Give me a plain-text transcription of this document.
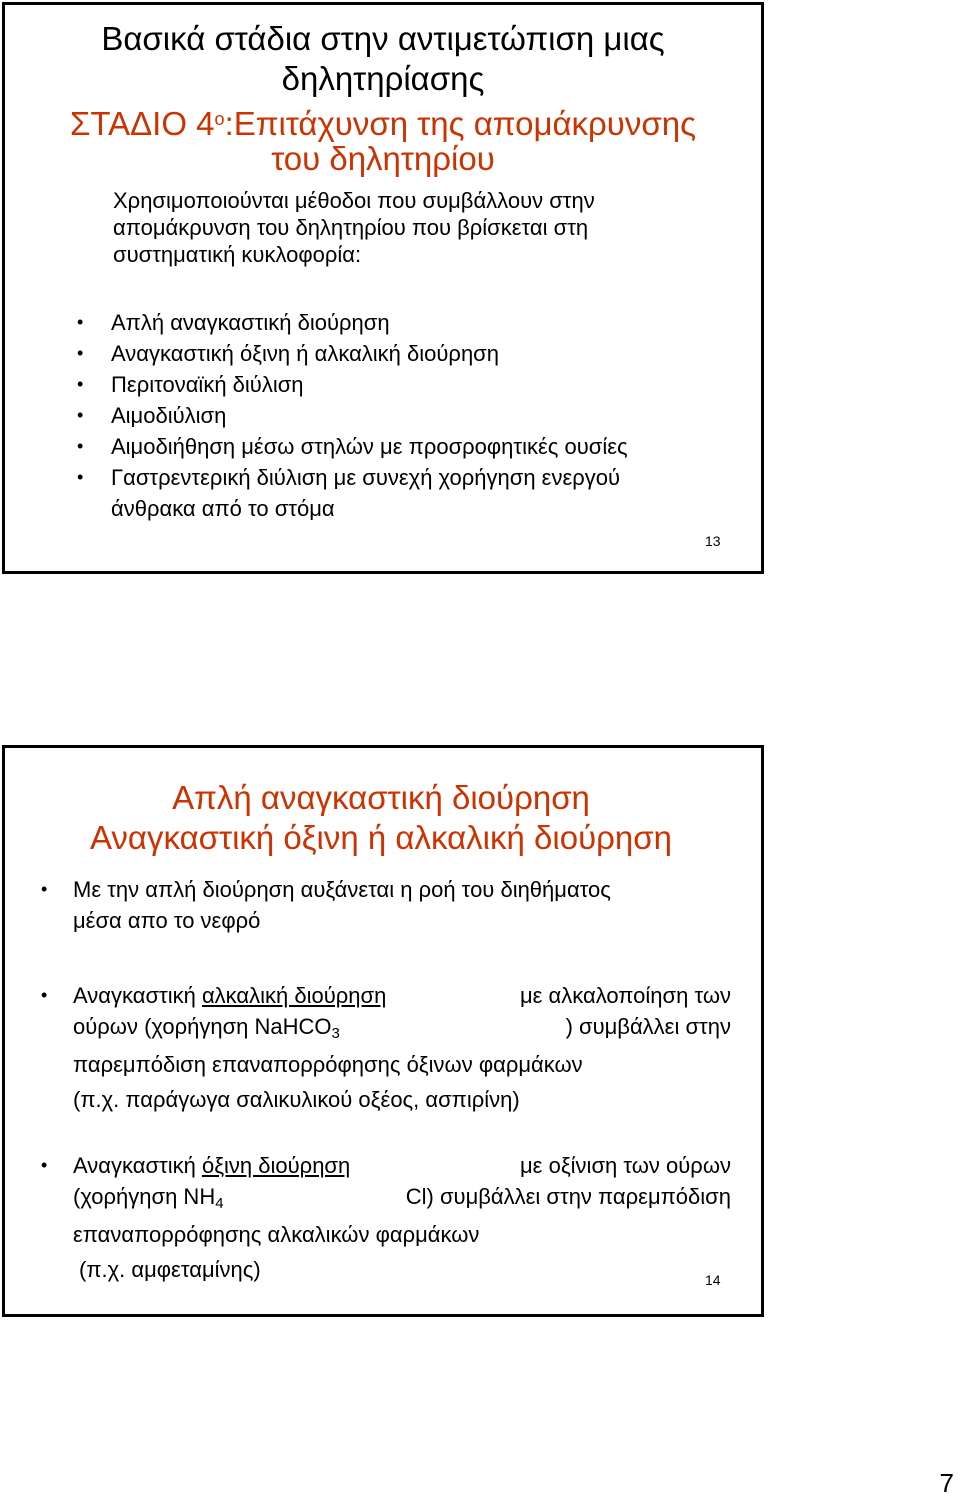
Βασικά στάδια στην αντιμετώπιση μιας
δηλητηρίασης
ΣΤΑΔΙΟ $4^o:E\pi\iota\tau ά\chi\upsilon\nu\sigma\eta$ της απομάκρυνσης
του δηλητηρίου
Χρησιμοποιούνται μέθοδοι που συμβάλλουν στην
απομάκρυνση του δηλητηρίου που βρίσκεται στη
συστηματική κυκλοφορία:
• Απλή αναγκαστική διούρηση
• Αναγκαστική όξινη ή αλκαλική διούρηση
• Περιτοναϊκή διύλιση
• Αιμοδιύλιση
• Αιμοδιήθηση μέσω στηλών με προσροφητικές ουσίες
• Γαστρεντερική διύλιση με συνεχή χορήγηση ενεργού
άνθρακα από το στόμα
13
Απλή αναγκαστική διούρηση
Αναγκαστική όξινη ή αλκαλική διούρηση
• Με την απλή διούρηση αυξάνεται η ροή του διηθήματος
μέσα απο το νεφρό
• Αναγκαστική αλκαλική διούρηση	με αλκαλοποίηση των
ούρων (χορήγηση NaHCO$_3$	) συμβάλλει στην
παρεμπόδιση επαναπορρόφησης όξινων φαρμάκων
(π.χ. παράγωγα σαλικυλικού οξέος, ασπιρίνη)
• Αναγκαστική όξινη διούρηση	με οξίνιση των ούρων
(χορήγηση $NH_4$	Cl) συμβάλλει στην παρεμπόδιση
επαναπορρόφησης αλκαλικών φαρμάκων
(π.χ. αμφεταμίνης)	14
7
